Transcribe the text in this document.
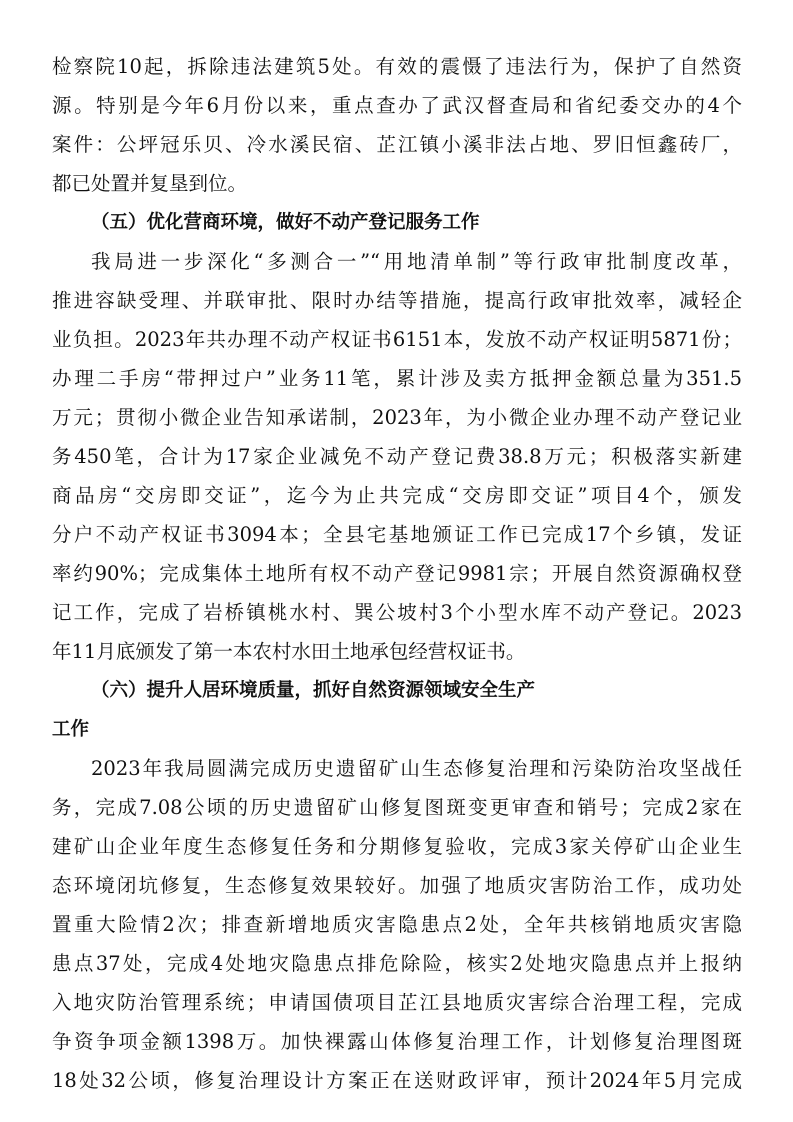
检察院10起，拆除违法建筑5处。有效的震慑了违法行为，保护了自然资
源。特别是今年6月份以来，重点查办了武汉督查局和省纪委交办的4个
案件：公坪冠乐贝、冷水溪民宿、芷江镇小溪非法占地、罗旧恒鑫砖厂，
都已处置并复垦到位。
（五）优化营商环境，做好不动产登记服务工作
我局进一步深化“多测合一”“用地清单制”等行政审批制度改革，
推进容缺受理、并联审批、限时办结等措施，提高行政审批效率，减轻企
业负担。2023年共办理不动产权证书6151本，发放不动产权证明5871份；
办理二手房“带押过户”业务11笔，累计涉及卖方抵押金额总量为351.5
万元；贯彻小微企业告知承诺制，2023年，为小微企业办理不动产登记业
务450笔，合计为17家企业减免不动产登记费38.8万元；积极落实新建
商品房“交房即交证”，迄今为止共完成“交房即交证”项目4个，颁发
分户不动产权证书3094本；全县宅基地颁证工作已完成17个乡镇，发证
率约90%；完成集体土地所有权不动产登记9981宗；开展自然资源确权登
记工作，完成了岩桥镇桃水村、巽公坡村3个小型水库不动产登记。2023
年11月底颁发了第一本农村水田土地承包经营权证书。
（六）提升人居环境质量，抓好自然资源领域安全生产
工作
2023年我局圆满完成历史遗留矿山生态修复治理和污染防治攻坚战任
务，完成7.08公顷的历史遗留矿山修复图斑变更审查和销号；完成2家在
建矿山企业年度生态修复任务和分期修复验收，完成3家关停矿山企业生
态环境闭坑修复，生态修复效果较好。加强了地质灾害防治工作，成功处
置重大险情2次；排查新增地质灾害隐患点2处，全年共核销地质灾害隐
患点37处，完成4处地灾隐患点排危除险，核实2处地灾隐患点并上报纳
入地灾防治管理系统；申请国债项目芷江县地质灾害综合治理工程，完成
争资争项金额1398万。加快裸露山体修复治理工作，计划修复治理图斑
18处32公顷，修复治理设计方案正在送财政评审，预计2024年5月完成
